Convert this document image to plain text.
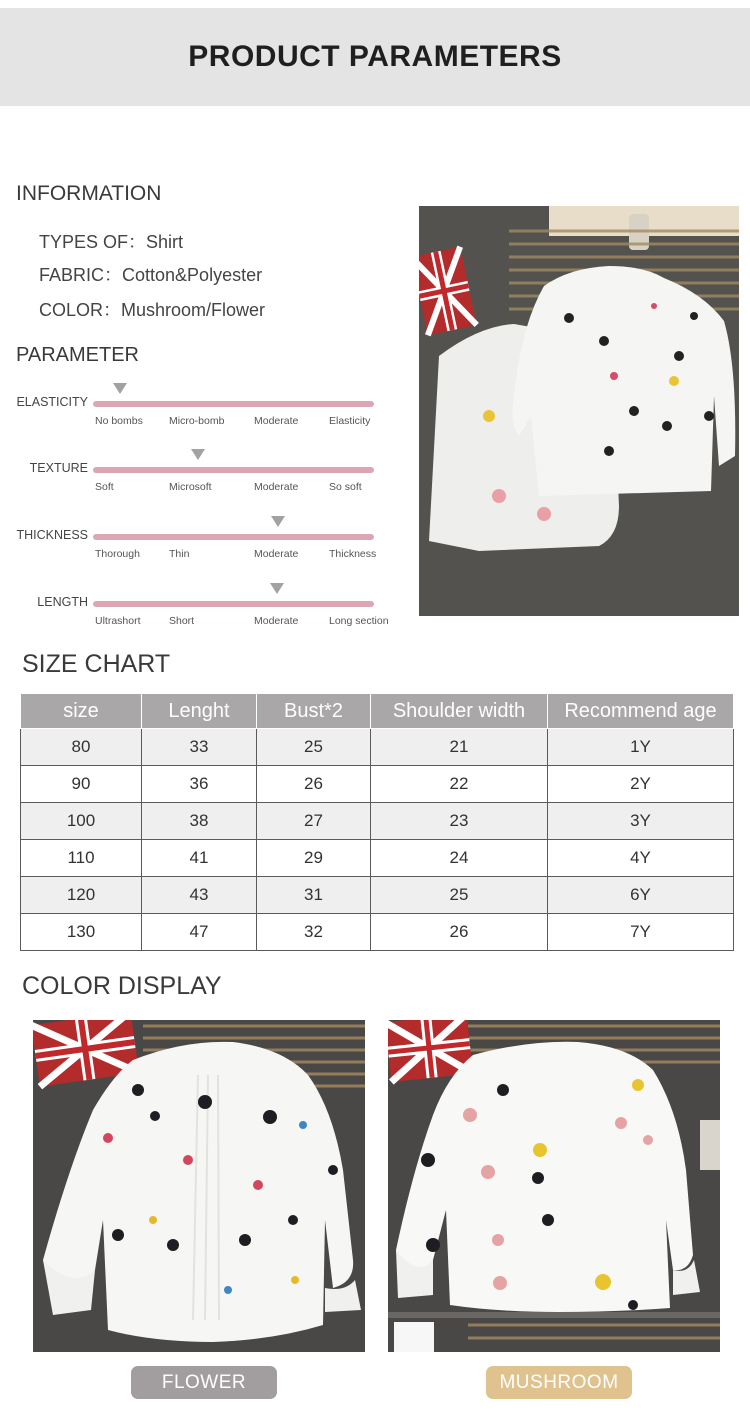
PRODUCT PARAMETERS
INFORMATION
TYPES OF：Shirt
FABRIC：Cotton&Polyester
COLOR：Mushroom/Flower
PARAMETER
ELASTICITY
No bombs Micro-bomb	Moderate	Elasticity
TEXTURE
Soft	Microsoft	Moderate	So soft
THICKNESS
Thorough	Thin	Moderate	Thickness
LENGTH
Ultrashort	Short	Moderate	Long section
SIZE CHART
size	Lenght	Bust*2	Shoulder width	Recommend age
80	33	25	21	1Y
90	36	26	22	2Y
100	38	27	23	3Y
110	41	29	24	4Y
120	43	31	25	6Y
130	47	32	26	7Y
COLOR DISPLAY
FLOWER	MUSHROOM
